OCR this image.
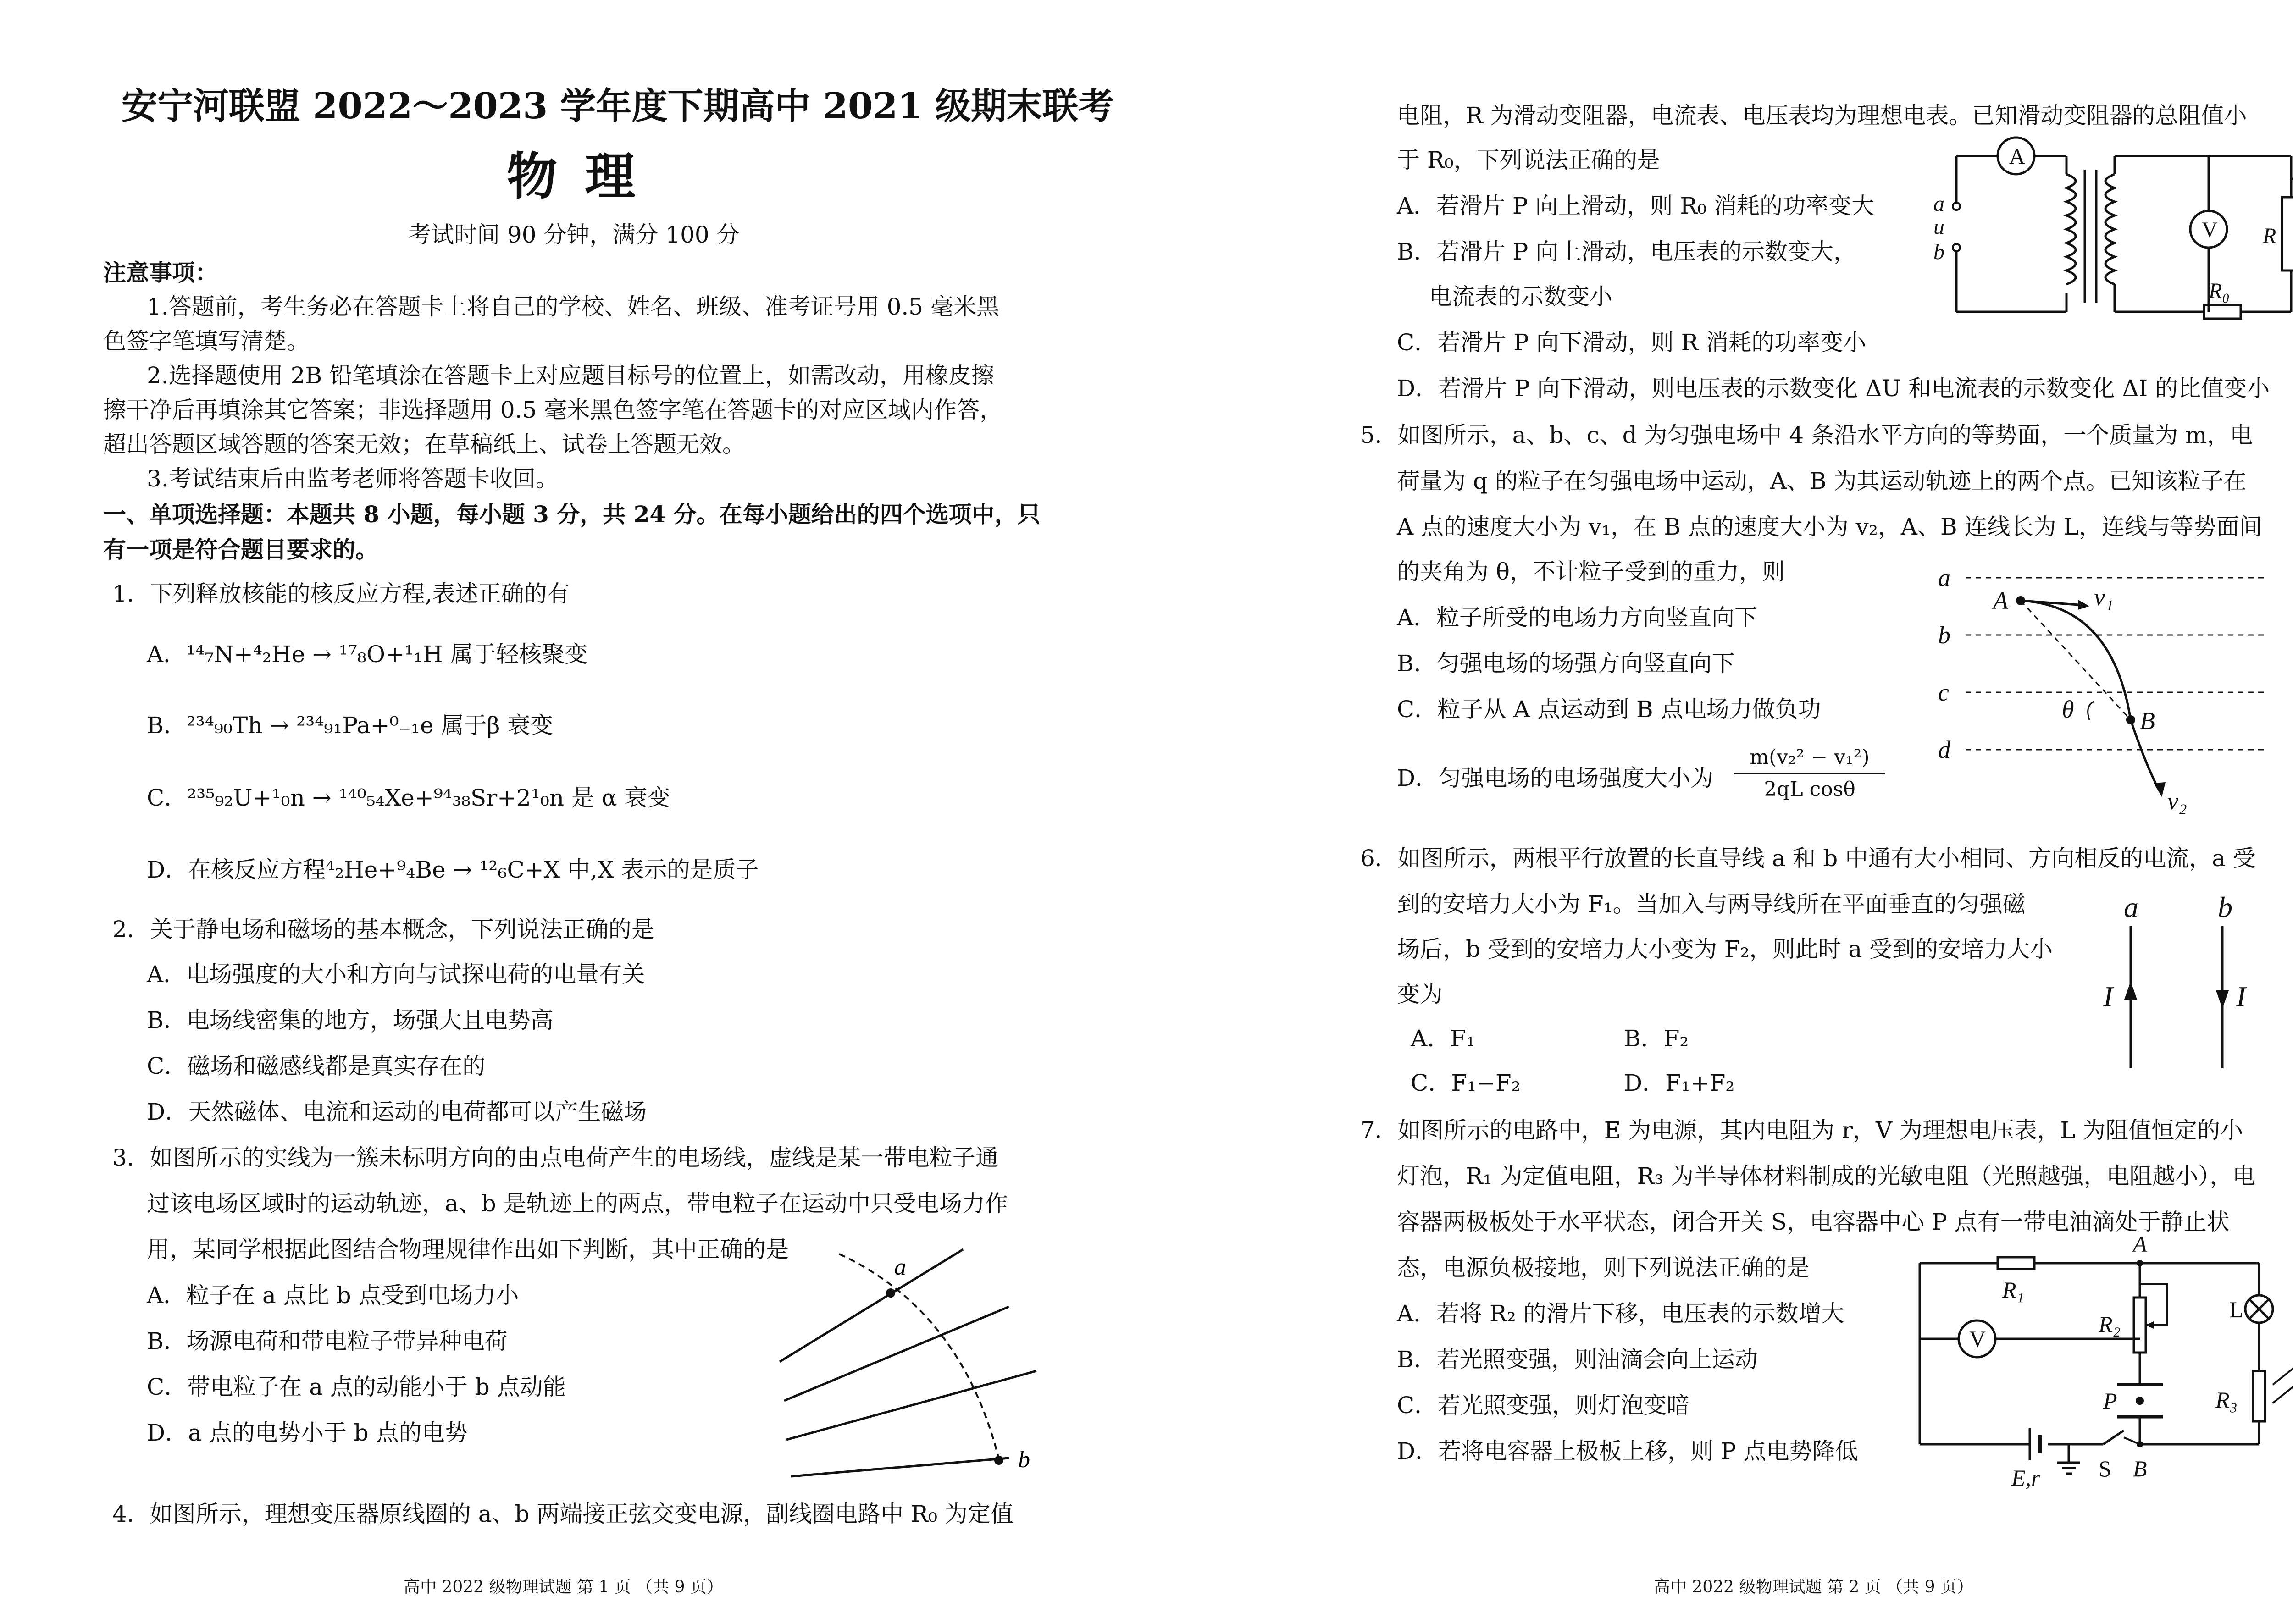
安宁河联盟 2022～2023 学年度下期高中 2021 级期末联考
物理
考试时间 90 分钟，满分 100 分
注意事项：
1.答题前，考生务必在答题卡上将自己的学校、姓名、班级、准考证号用 0.5 毫米黑
色签字笔填写清楚。
2.选择题使用 2B 铅笔填涂在答题卡上对应题目标号的位置上，如需改动，用橡皮擦
擦干净后再填涂其它答案；非选择题用 0.5 毫米黑色签字笔在答题卡的对应区域内作答，
超出答题区域答题的答案无效；在草稿纸上、试卷上答题无效。
3.考试结束后由监考老师将答题卡收回。
一、单项选择题：本题共 8 小题，每小题 3 分，共 24 分。在每小题给出的四个选项中，只
有一项是符合题目要求的。
1．下列释放核能的核反应方程,表述正确的有
A．¹⁴₇N+⁴₂He → ¹⁷₈O+¹₁H 属于轻核聚变
B．²³⁴₉₀Th → ²³⁴₉₁Pa+⁰₋₁e 属于β 衰变
C．²³⁵₉₂U+¹₀n → ¹⁴⁰₅₄Xe+⁹⁴₃₈Sr+2¹₀n 是 α 衰变
D．在核反应方程⁴₂He+⁹₄Be → ¹²₆C+X 中,X 表示的是质子
2．关于静电场和磁场的基本概念，下列说法正确的是
A．电场强度的大小和方向与试探电荷的电量有关
B．电场线密集的地方，场强大且电势高
C．磁场和磁感线都是真实存在的
D．天然磁体、电流和运动的电荷都可以产生磁场
3．如图所示的实线为一簇未标明方向的由点电荷产生的电场线，虚线是某一带电粒子通
过该电场区域时的运动轨迹，a、b 是轨迹上的两点，带电粒子在运动中只受电场力作
用，某同学根据此图结合物理规律作出如下判断，其中正确的是
A．粒子在 a 点比 b 点受到电场力小
B．场源电荷和带电粒子带异种电荷
C．带电粒子在 a 点的动能小于 b 点动能
D．a 点的电势小于 b 点的电势
a
b
4．如图所示，理想变压器原线圈的 a、b 两端接正弦交变电源，副线圈电路中 R₀ 为定值
高中 2022 级物理试题 第 1 页 （共 9 页）
电阻，R 为滑动变阻器，电流表、电压表均为理想电表。已知滑动变阻器的总阻值小
于 R₀，下列说法正确的是
A．若滑片 P 向上滑动，则 R₀ 消耗的功率变大
B．若滑片 P 向上滑动，电压表的示数变大，
电流表的示数变小
C．若滑片 P 向下滑动，则 R 消耗的功率变小
D．若滑片 P 向下滑动，则电压表的示数变化 ΔU 和电流表的示数变化 ΔI 的比值变小
A
V
a
u
b
R
R₀
5．如图所示，a、b、c、d 为匀强电场中 4 条沿水平方向的等势面，一个质量为 m，电
荷量为 q 的粒子在匀强电场中运动，A、B 为其运动轨迹上的两个点。已知该粒子在
A 点的速度大小为 v₁，在 B 点的速度大小为 v₂，A、B 连线长为 L，连线与等势面间
的夹角为 θ，不计粒子受到的重力，则
A．粒子所受的电场力方向竖直向下
B．匀强电场的场强方向竖直向下
C．粒子从 A 点运动到 B 点电场力做负功
D．匀强电场的电场强度大小为
m(v₂² − v₁²)
2qL cosθ
a
b
c
d
A
B
v₁
v₂
θ
6．如图所示，两根平行放置的长直导线 a 和 b 中通有大小相同、方向相反的电流，a 受
到的安培力大小为 F₁。当加入与两导线所在平面垂直的匀强磁
场后，b 受到的安培力大小变为 F₂，则此时 a 受到的安培力大小
变为
A．F₁	B．F₂
C．F₁−F₂	D．F₁+F₂
a	b
I	I
7．如图所示的电路中，E 为电源，其内电阻为 r，V 为理想电压表，L 为阻值恒定的小
灯泡，R₁ 为定值电阻，R₃ 为半导体材料制成的光敏电阻（光照越强，电阻越小），电
容器两极板处于水平状态，闭合开关 S，电容器中心 P 点有一带电油滴处于静止状
态，电源负极接地，则下列说法正确的是
A．若将 R₂ 的滑片下移，电压表的示数增大
B．若光照变强，则油滴会向上运动
C．若光照变强，则灯泡变暗
D．若将电容器上极板上移，则 P 点电势降低
A
B
R₁
R₂
R₃
V
L
P
E,r	S
高中 2022 级物理试题 第 2 页 （共 9 页）
